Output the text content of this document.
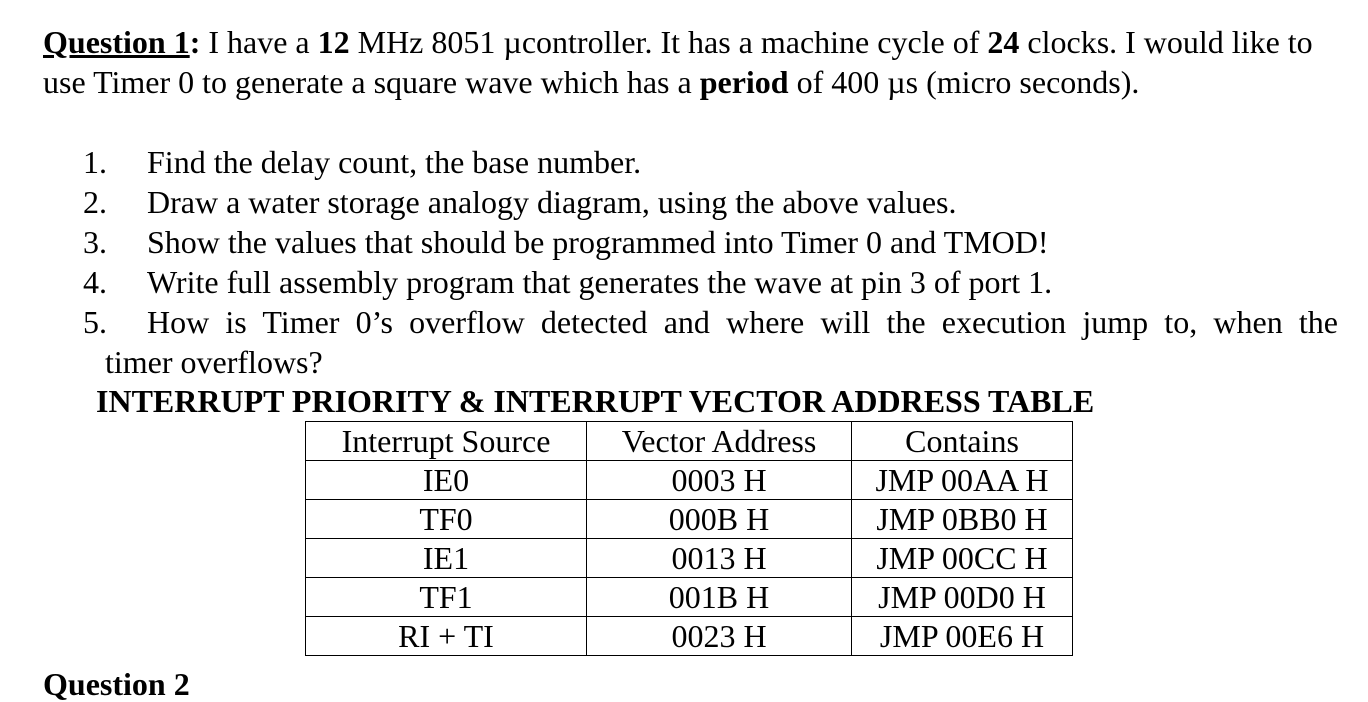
Question 1: I have a 12 MHz 8051 µcontroller. It has a machine cycle of 24 clocks. I would like to use Timer 0 to generate a square wave which has a period of 400 µs (micro seconds).

1. Find the delay count, the base number.
2. Draw a water storage analogy diagram, using the above values.
3. Show the values that should be programmed into Timer 0 and TMOD!
4. Write full assembly program that generates the wave at pin 3 of port 1.
5. How is Timer 0’s overflow detected and where will the execution jump to, when the
timer overflows?
INTERRUPT PRIORITY & INTERRUPT VECTOR ADDRESS TABLE
Interrupt Source	Vector Address	Contains
IE0	0003 H	JMP 00AA H
TF0	000B H	JMP 0BB0 H
IE1	0013 H	JMP 00CC H
TF1	001B H	JMP 00D0 H
RI + TI	0023 H	JMP 00E6 H
Question 2
